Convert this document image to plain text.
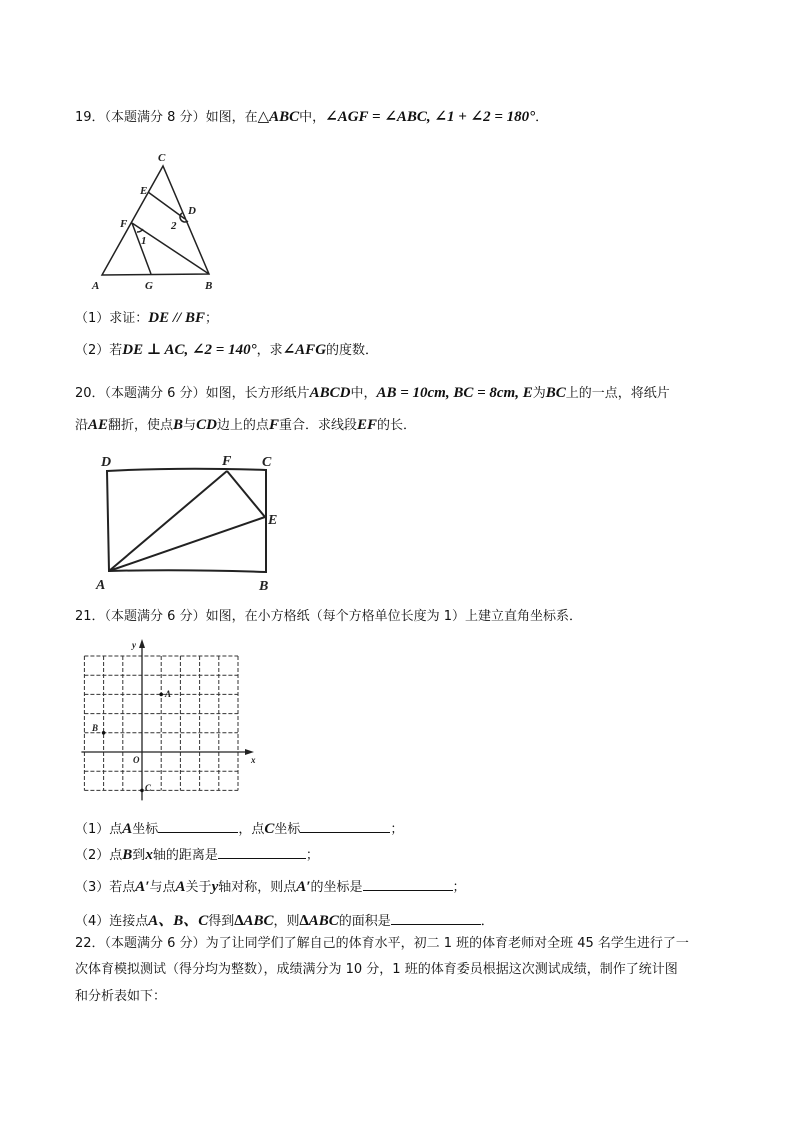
19．（本题满分 8 分）如图，在△ABC中，∠AGF = ∠ABC, ∠1 + ∠2 = 180°．
C
E
D
2
F
1
A	G	B
D	F C
E
A	B
y
x
O
A
B
C
（1）求证：DE // BF；
（2）若DE ⊥ AC, ∠2 = 140°，求∠AFG的度数．
20．（本题满分 6 分）如图，长方形纸片ABCD中，AB = 10cm, BC = 8cm, E为BC上的一点，将纸片
沿AE翻折，使点B与CD边上的点F重合．求线段EF的长．
21．（本题满分 6 分）如图，在小方格纸（每个方格单位长度为 1）上建立直角坐标系．
（1）点A坐标	，点C坐标	；
（2）点B到x轴的距离是	；
（3）若点A′与点A关于y轴对称，则点A′的坐标是	；
（4）连接点A、B、C得到∆ABC，则∆ABC的面积是	．
22．（本题满分 6 分）为了让同学们了解自己的体育水平，初二 1 班的体育老师对全班 45 名学生进行了一
次体育模拟测试（得分均为整数），成绩满分为 10 分，1 班的体育委员根据这次测试成绩，制作了统计图
和分析表如下：
